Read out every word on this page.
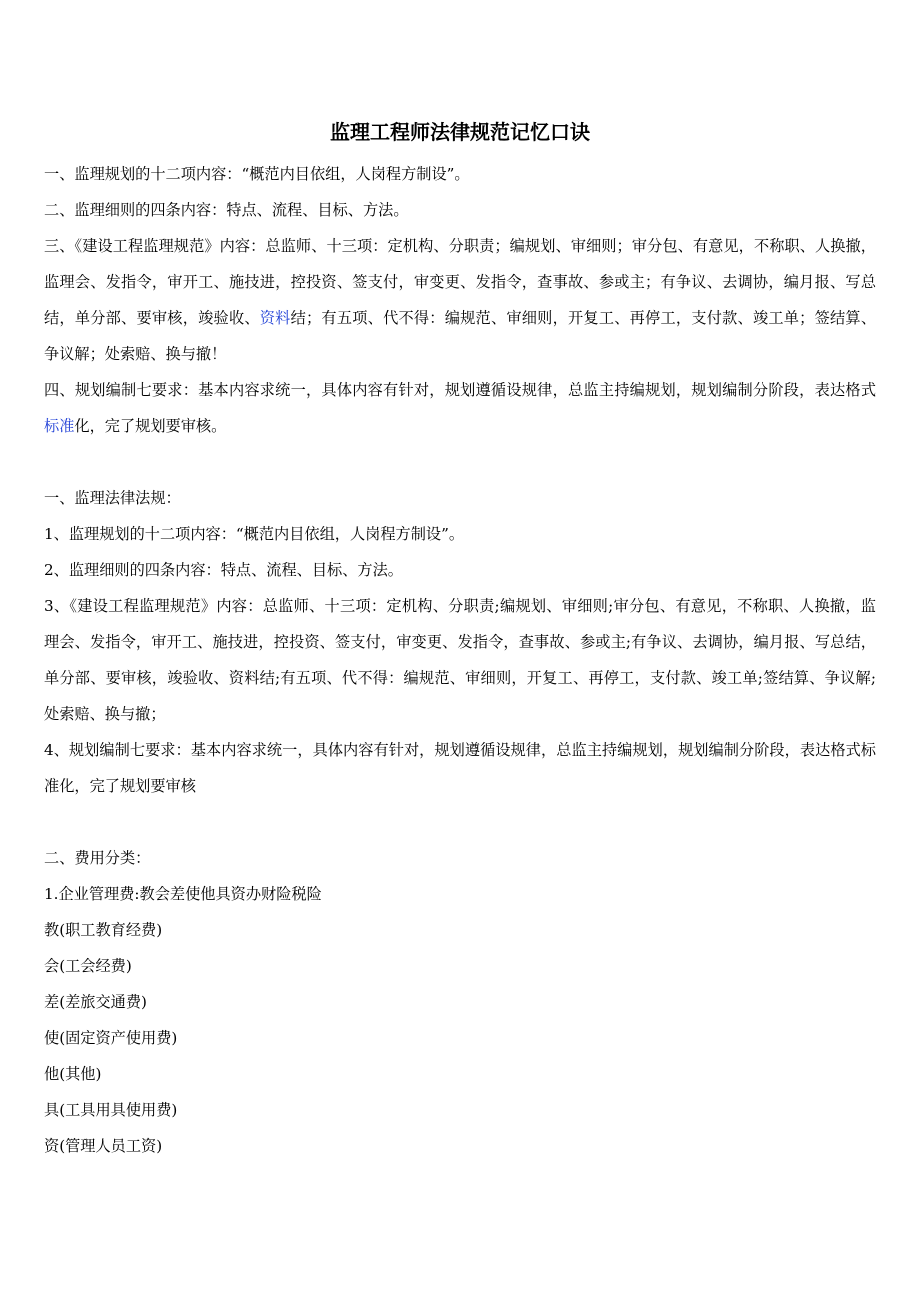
监理工程师法律规范记忆口诀

一、监理规划的十二项内容：“概范内目依组，人岗程方制设”。

二、监理细则的四条内容：特点、流程、目标、方法。

三、《建设工程监理规范》内容：总监师、十三项：定机构、分职责；编规划、审细则；审分包、有意见，不称职、人换撤，监理会、发指令，审开工、施技进，控投资、签支付，审变更、发指令，查事故、参或主；有争议、去调协，编月报、写总结，单分部、要审核，竣验收、资料结；有五项、代不得：编规范、审细则，开复工、再停工，支付款、竣工单；签结算、争议解；处索赔、换与撤！

四、规划编制七要求：基本内容求统一，具体内容有针对，规划遵循设规律，总监主持编规划，规划编制分阶段，表达格式标准化，完了规划要审核。

一、监理法律法规：

1、监理规划的十二项内容：“概范内目依组，人岗程方制设”。

2、监理细则的四条内容：特点、流程、目标、方法。

3、《建设工程监理规范》内容：总监师、十三项：定机构、分职责;编规划、审细则;审分包、有意见，不称职、人换撤，监理会、发指令，审开工、施技进，控投资、签支付，审变更、发指令，查事故、参或主;有争议、去调协，编月报、写总结，单分部、要审核，竣验收、资料结;有五项、代不得：编规范、审细则，开复工、再停工，支付款、竣工单;签结算、争议解;处索赔、换与撤；

4、规划编制七要求：基本内容求统一，具体内容有针对，规划遵循设规律，总监主持编规划，规划编制分阶段，表达格式标准化，完了规划要审核

二、费用分类：

1.企业管理费:教会差使他具资办财险税险

教(职工教育经费)

会(工会经费)

差(差旅交通费)

使(固定资产使用费)

他(其他)

具(工具用具使用费)

资(管理人员工资)
